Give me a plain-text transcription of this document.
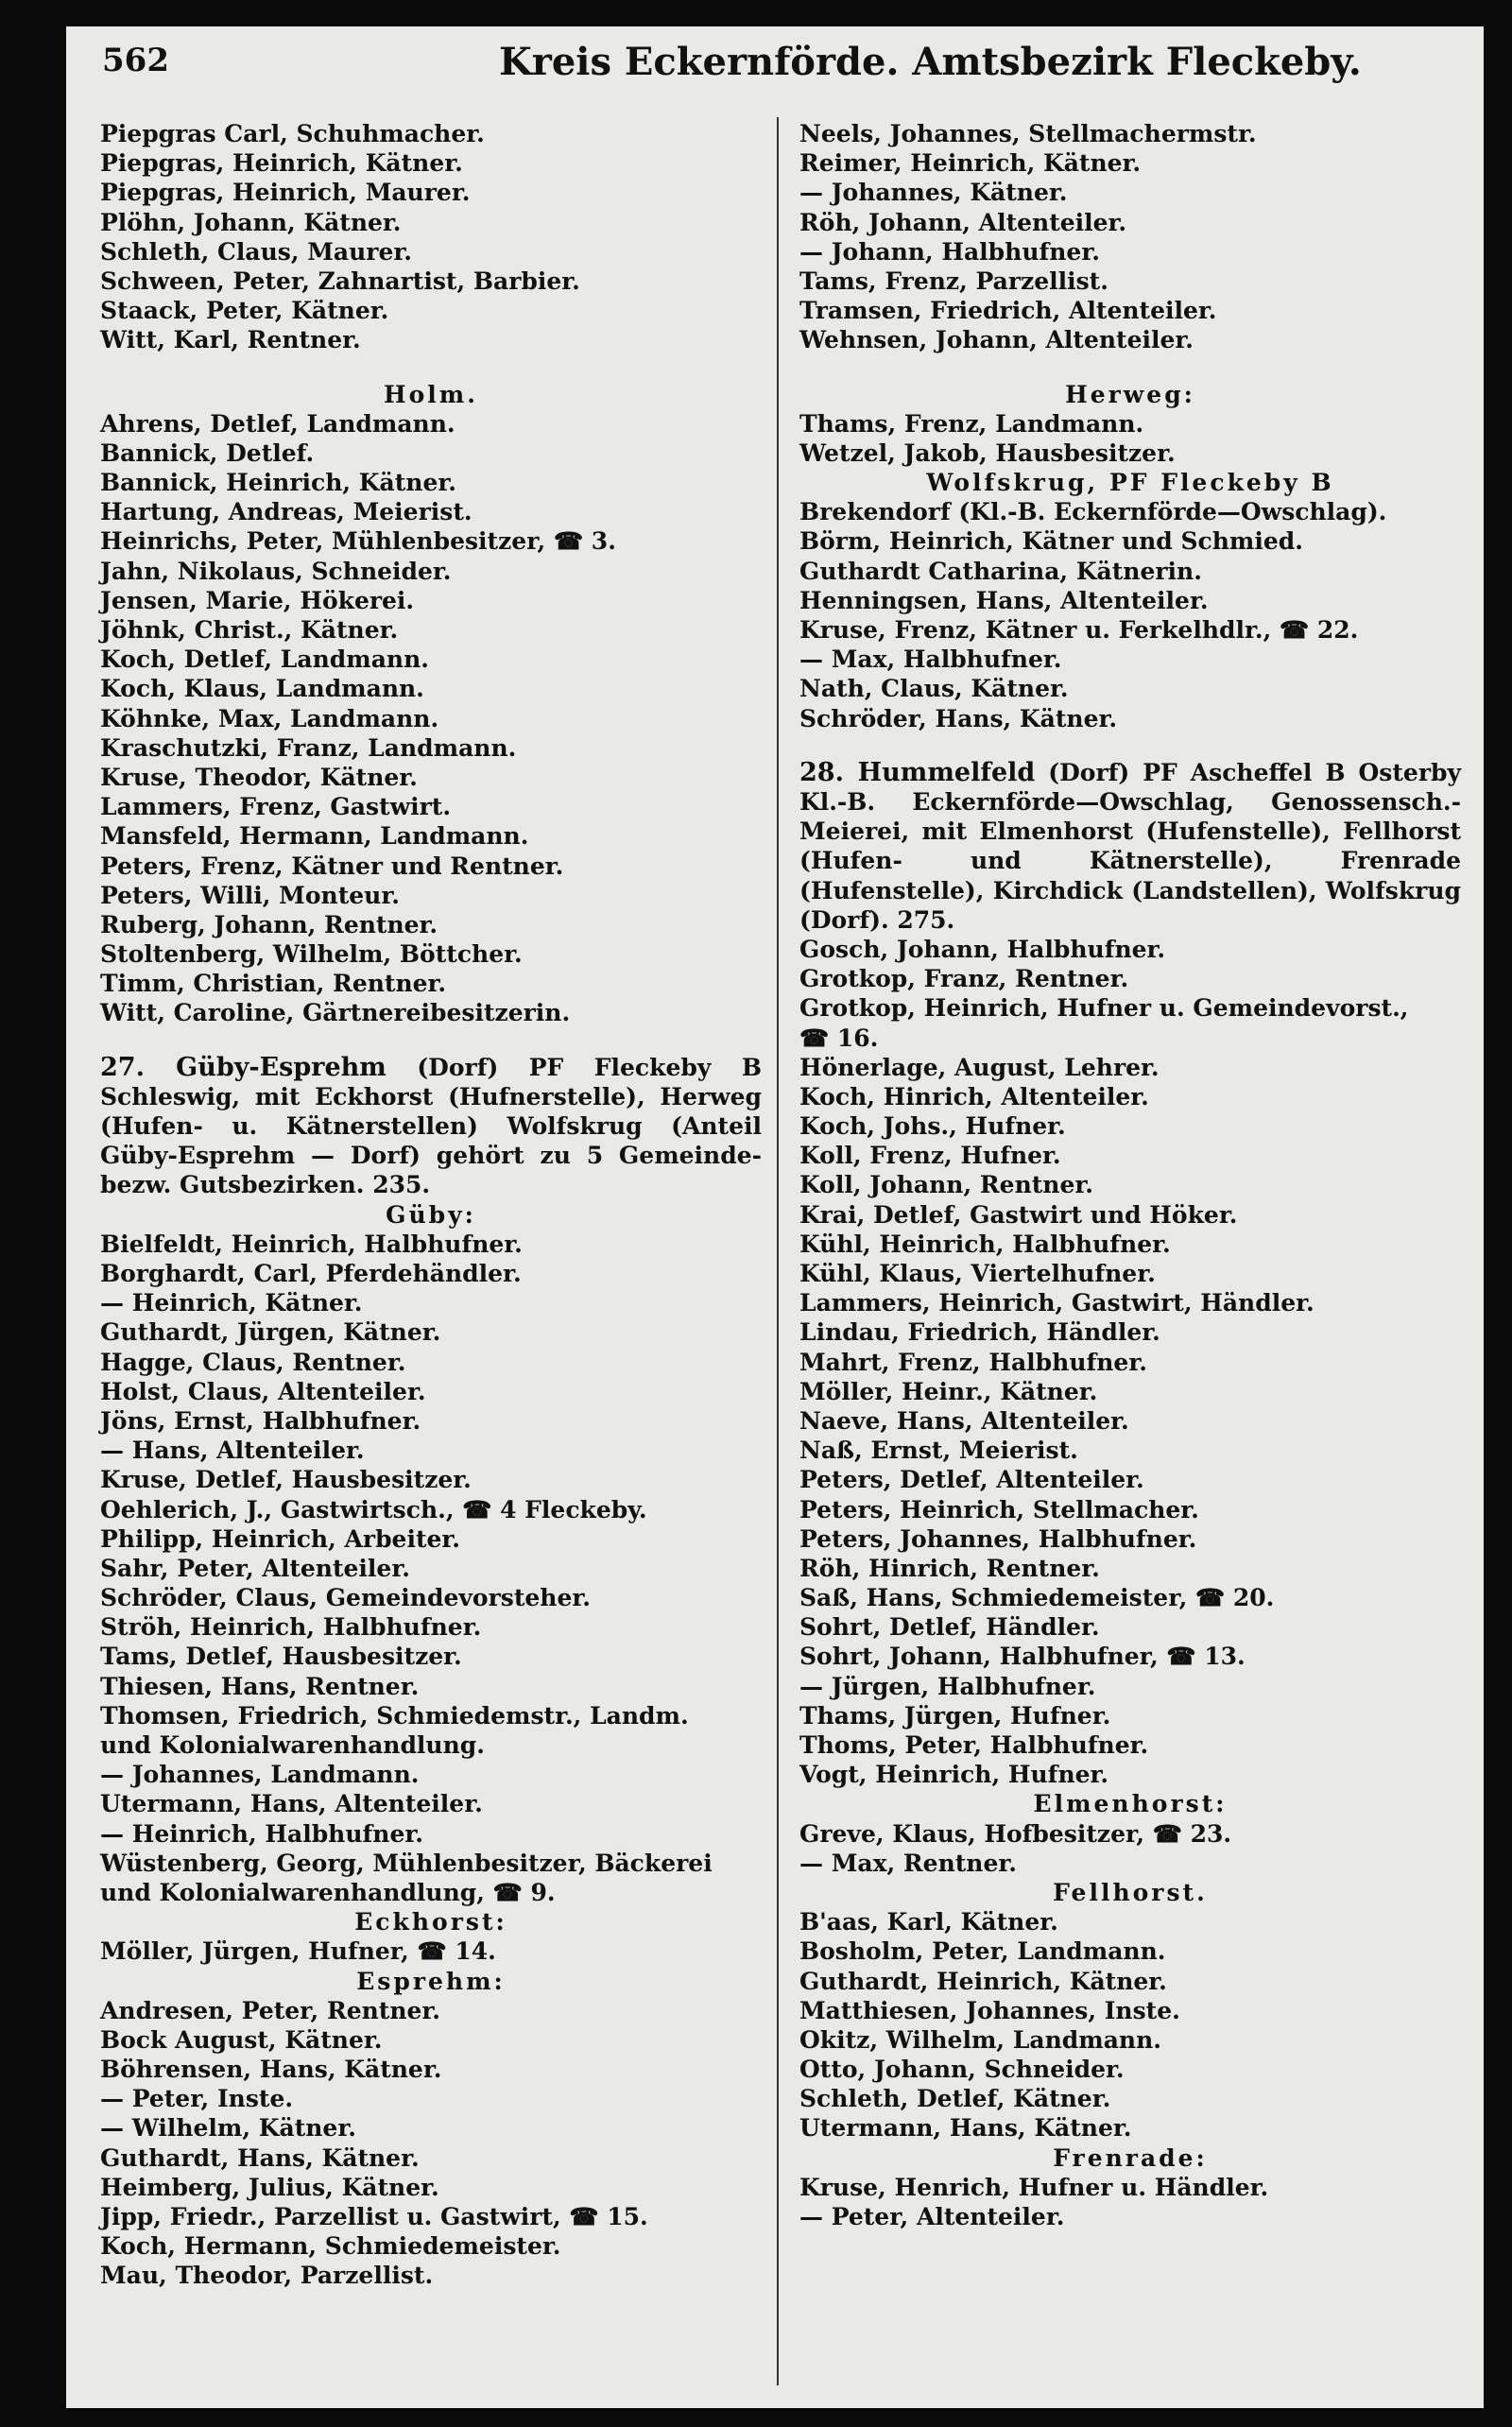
562	Kreis Eckernförde. Amtsbezirk Fleckeby.
Piepgras Carl, Schuhmacher.
Piepgras, Heinrich, Kätner.
Piepgras, Heinrich, Maurer.
Plöhn, Johann, Kätner.
Schleth, Claus, Maurer.
Schween, Peter, Zahnartist, Barbier.
Staack, Peter, Kätner.
Witt, Karl, Rentner.
Holm.
Ahrens, Detlef, Landmann.
Bannick, Detlef.
Bannick, Heinrich, Kätner.
Hartung, Andreas, Meierist.
Heinrichs, Peter, Mühlenbesitzer, ☎ 3.
Jahn, Nikolaus, Schneider.
Jensen, Marie, Hökerei.
Jöhnk, Christ., Kätner.
Koch, Detlef, Landmann.
Koch, Klaus, Landmann.
Köhnke, Max, Landmann.
Kraschutzki, Franz, Landmann.
Kruse, Theodor, Kätner.
Lammers, Frenz, Gastwirt.
Mansfeld, Hermann, Landmann.
Peters, Frenz, Kätner und Rentner.
Peters, Willi, Monteur.
Ruberg, Johann, Rentner.
Stoltenberg, Wilhelm, Böttcher.
Timm, Christian, Rentner.
Witt, Caroline, Gärtnereibesitzerin.
27. Güby-Esprehm (Dorf) PF Fleckeby B Schleswig, mit Eckhorst (Hufnerstelle), Herweg (Hufen- u. Kätnerstellen) Wolfskrug (Anteil Güby-Esprehm — Dorf) gehört zu 5 Gemeinde- bezw. Gutsbezirken. 235.
Güby:
Bielfeldt, Heinrich, Halbhufner.
Borghardt, Carl, Pferdehändler.
— Heinrich, Kätner.
Guthardt, Jürgen, Kätner.
Hagge, Claus, Rentner.
Holst, Claus, Altenteiler.
Jöns, Ernst, Halbhufner.
— Hans, Altenteiler.
Kruse, Detlef, Hausbesitzer.
Oehlerich, J., Gastwirtsch., ☎ 4 Fleckeby.
Philipp, Heinrich, Arbeiter.
Sahr, Peter, Altenteiler.
Schröder, Claus, Gemeindevorsteher.
Ströh, Heinrich, Halbhufner.
Tams, Detlef, Hausbesitzer.
Thiesen, Hans, Rentner.
Thomsen, Friedrich, Schmiedemstr., Landm.
und Kolonialwarenhandlung.
— Johannes, Landmann.
Utermann, Hans, Altenteiler.
— Heinrich, Halbhufner.
Wüstenberg, Georg, Mühlenbesitzer, Bäckerei
und Kolonialwarenhandlung, ☎ 9.
Eckhorst:
Möller, Jürgen, Hufner, ☎ 14.
Esprehm:
Andresen, Peter, Rentner.
Bock August, Kätner.
Böhrensen, Hans, Kätner.
— Peter, Inste.
— Wilhelm, Kätner.
Guthardt, Hans, Kätner.
Heimberg, Julius, Kätner.
Jipp, Friedr., Parzellist u. Gastwirt, ☎ 15.
Koch, Hermann, Schmiedemeister.
Mau, Theodor, Parzellist.
Neels, Johannes, Stellmachermstr.
Reimer, Heinrich, Kätner.
— Johannes, Kätner.
Röh, Johann, Altenteiler.
— Johann, Halbhufner.
Tams, Frenz, Parzellist.
Tramsen, Friedrich, Altenteiler.
Wehnsen, Johann, Altenteiler.
Herweg:
Thams, Frenz, Landmann.
Wetzel, Jakob, Hausbesitzer.
Wolfskrug, PF Fleckeby B
Brekendorf (Kl.-B. Eckernförde—Owschlag).
Börm, Heinrich, Kätner und Schmied.
Guthardt Catharina, Kätnerin.
Henningsen, Hans, Altenteiler.
Kruse, Frenz, Kätner u. Ferkelhdlr., ☎ 22.
— Max, Halbhufner.
Nath, Claus, Kätner.
Schröder, Hans, Kätner.
28. Hummelfeld (Dorf) PF Ascheffel B Osterby Kl.-B. Eckernförde—Owschlag, Genossensch.-Meierei, mit Elmenhorst (Hufenstelle), Fellhorst (Hufen- und Kätnerstelle), Frenrade (Hufenstelle), Kirchdick (Landstellen), Wolfskrug (Dorf). 275.
Gosch, Johann, Halbhufner.
Grotkop, Franz, Rentner.
Grotkop, Heinrich, Hufner u. Gemeindevorst.,
☎ 16.
Hönerlage, August, Lehrer.
Koch, Hinrich, Altenteiler.
Koch, Johs., Hufner.
Koll, Frenz, Hufner.
Koll, Johann, Rentner.
Krai, Detlef, Gastwirt und Höker.
Kühl, Heinrich, Halbhufner.
Kühl, Klaus, Viertelhufner.
Lammers, Heinrich, Gastwirt, Händler.
Lindau, Friedrich, Händler.
Mahrt, Frenz, Halbhufner.
Möller, Heinr., Kätner.
Naeve, Hans, Altenteiler.
Naß, Ernst, Meierist.
Peters, Detlef, Altenteiler.
Peters, Heinrich, Stellmacher.
Peters, Johannes, Halbhufner.
Röh, Hinrich, Rentner.
Saß, Hans, Schmiedemeister, ☎ 20.
Sohrt, Detlef, Händler.
Sohrt, Johann, Halbhufner, ☎ 13.
— Jürgen, Halbhufner.
Thams, Jürgen, Hufner.
Thoms, Peter, Halbhufner.
Vogt, Heinrich, Hufner.
Elmenhorst:
Greve, Klaus, Hofbesitzer, ☎ 23.
— Max, Rentner.
Fellhorst.
B'aas, Karl, Kätner.
Bosholm, Peter, Landmann.
Guthardt, Heinrich, Kätner.
Matthiesen, Johannes, Inste.
Okitz, Wilhelm, Landmann.
Otto, Johann, Schneider.
Schleth, Detlef, Kätner.
Utermann, Hans, Kätner.
Frenrade:
Kruse, Henrich, Hufner u. Händler.
— Peter, Altenteiler.
